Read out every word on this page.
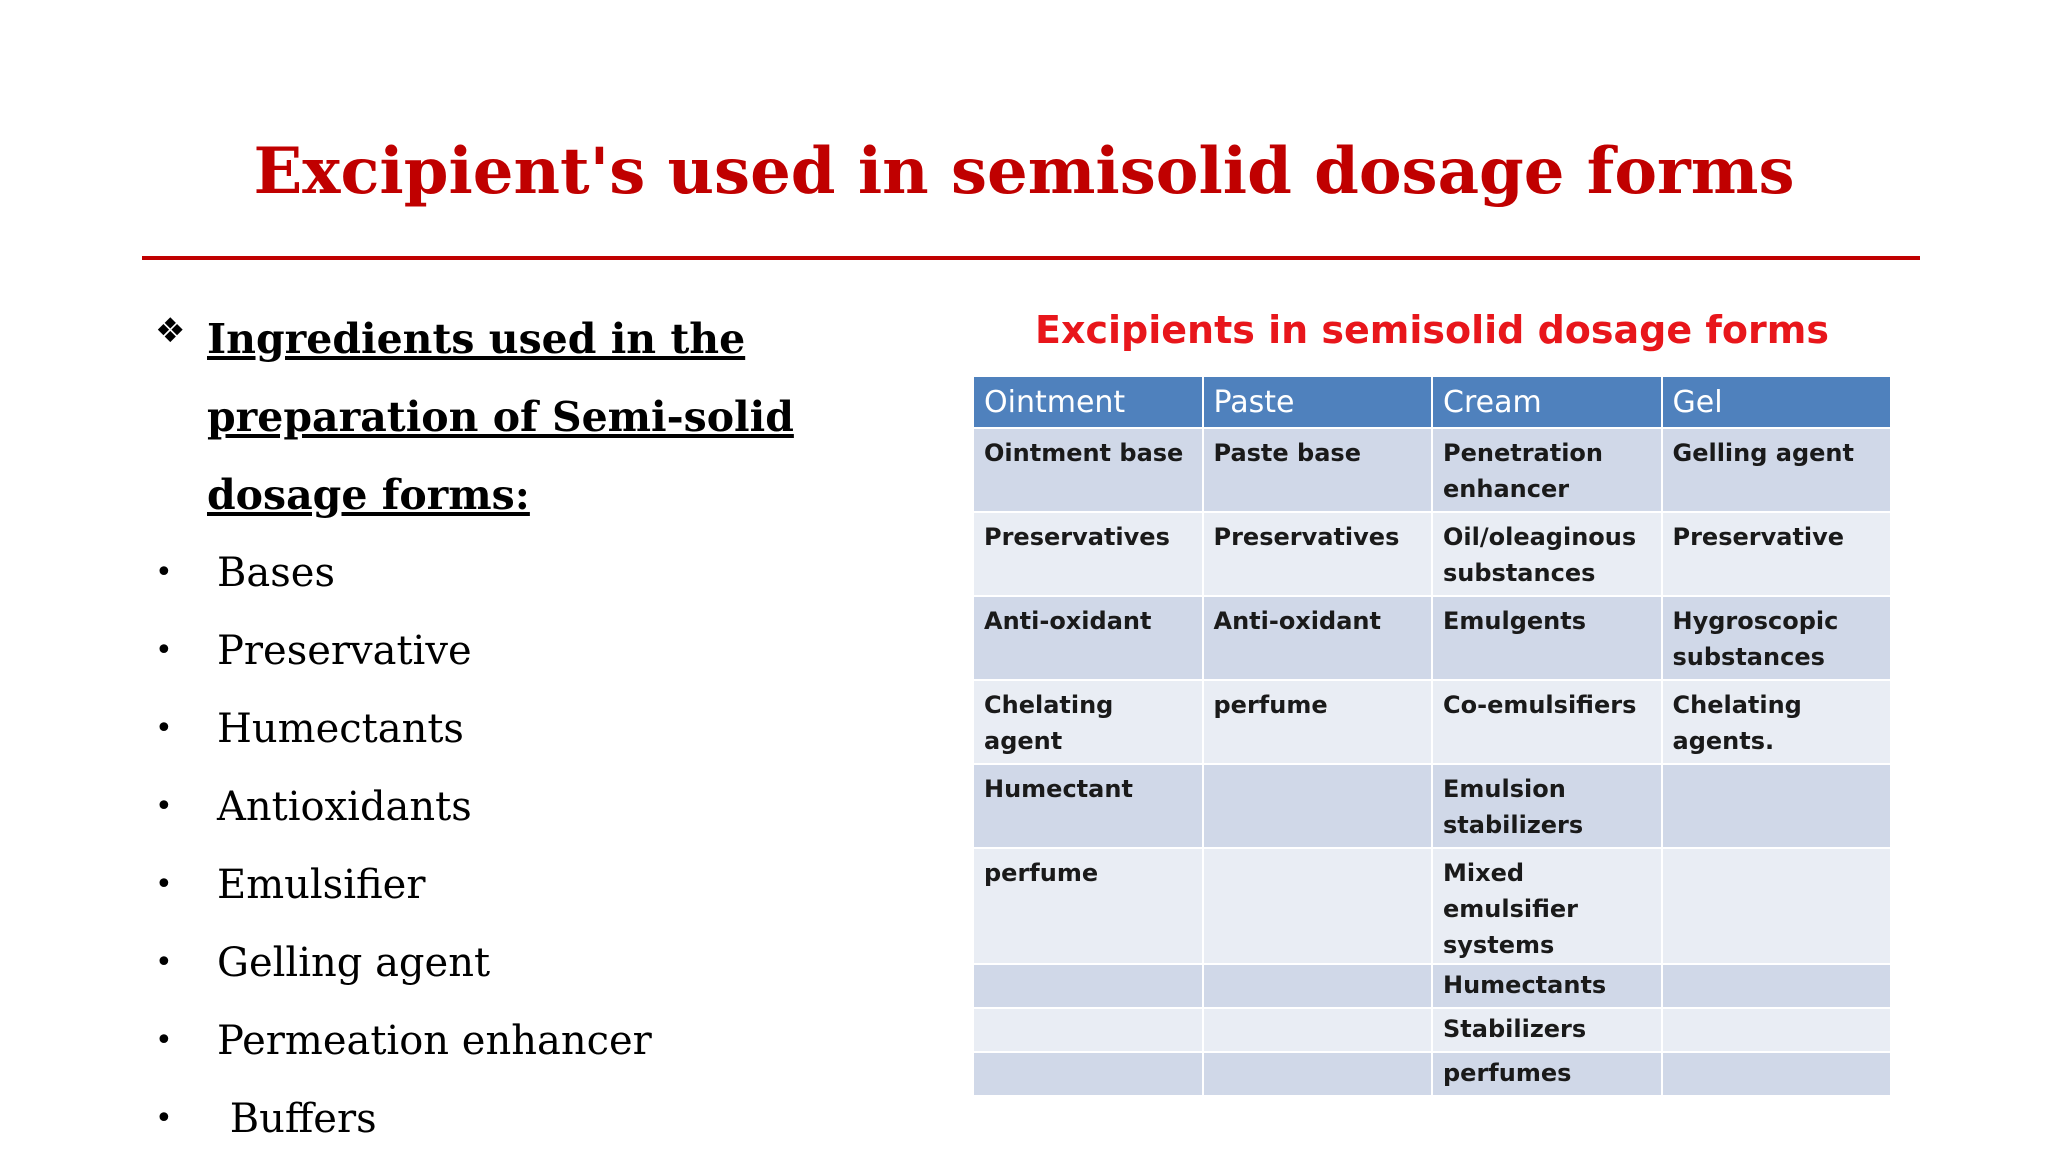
Excipient's used in semisolid dosage forms
❖ Ingredients used in the preparation of Semi-solid dosage forms:
• Bases
• Preservative
• Humectants
• Antioxidants
• Emulsifier
• Gelling agent
• Permeation enhancer
• Buffers
Excipients in semisolid dosage forms
Ointment	Paste	Cream	Gel
Ointment base	Paste base	Penetration enhancer	Gelling agent
Preservatives	Preservatives	Oil/oleaginous substances	Preservative
Anti-oxidant	Anti-oxidant	Emulgents	Hygroscopic substances
Chelating agent	perfume	Co-emulsifiers	Chelating agents.
Humectant		Emulsion stabilizers	
perfume		Mixed emulsifier systems	
		Humectants	
		Stabilizers	
		perfumes	
